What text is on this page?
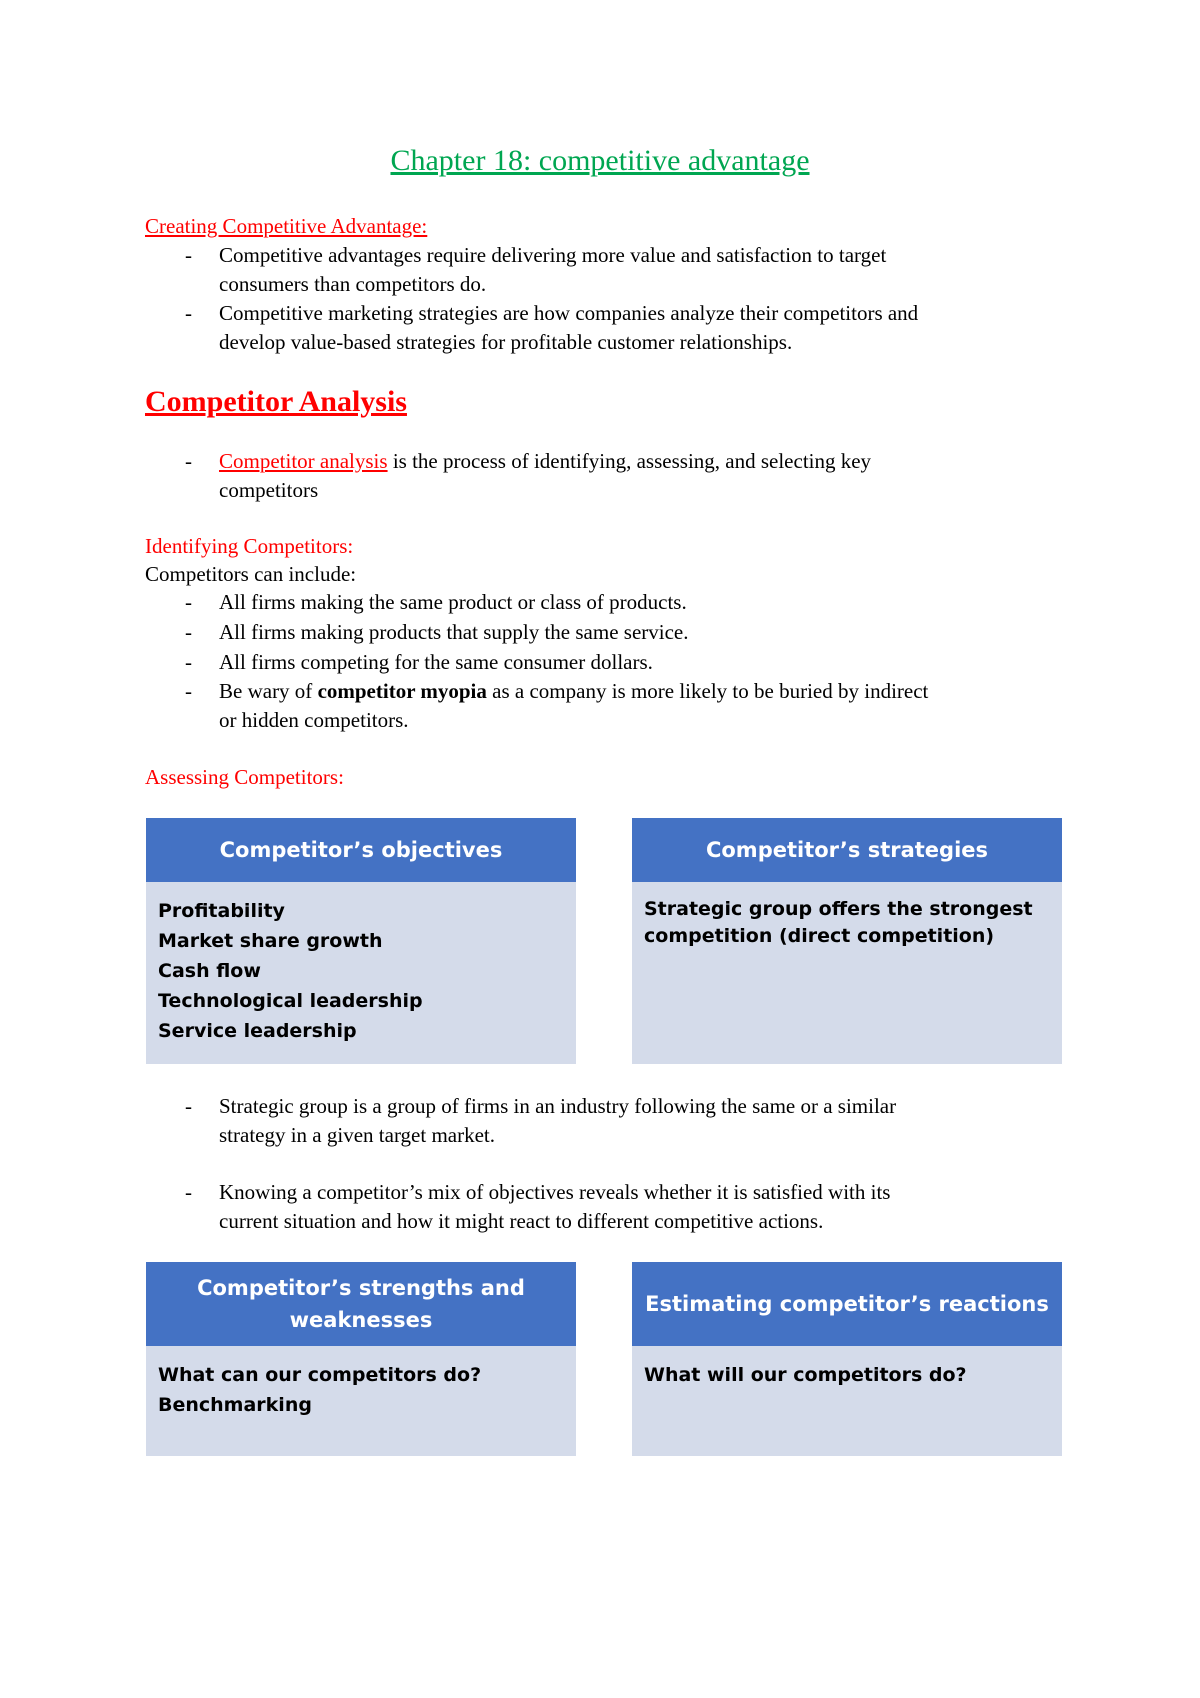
Chapter 18: competitive advantage
Creating Competitive Advantage:
- Competitive advantages require delivering more value and satisfaction to target
consumers than competitors do.
- Competitive marketing strategies are how companies analyze their competitors and
develop value-based strategies for profitable customer relationships.
Competitor Analysis
- Competitor analysis is the process of identifying, assessing, and selecting key
competitors
Identifying Competitors:
Competitors can include:
- All firms making the same product or class of products.
- All firms making products that supply the same service.
- All firms competing for the same consumer dollars.
- Be wary of competitor myopia as a company is more likely to be buried by indirect
or hidden competitors.
Assessing Competitors:
Competitor’s objectives
Profitability
Market share growth
Cash flow
Technological leadership
Service leadership
Competitor’s strategies
Strategic group offers the strongest
competition (direct competition)
- Strategic group is a group of firms in an industry following the same or a similar
strategy in a given target market.
- Knowing a competitor’s mix of objectives reveals whether it is satisfied with its
current situation and how it might react to different competitive actions.
Competitor’s strengths and
weaknesses
What can our competitors do?
Benchmarking
Estimating competitor’s reactions
What will our competitors do?
